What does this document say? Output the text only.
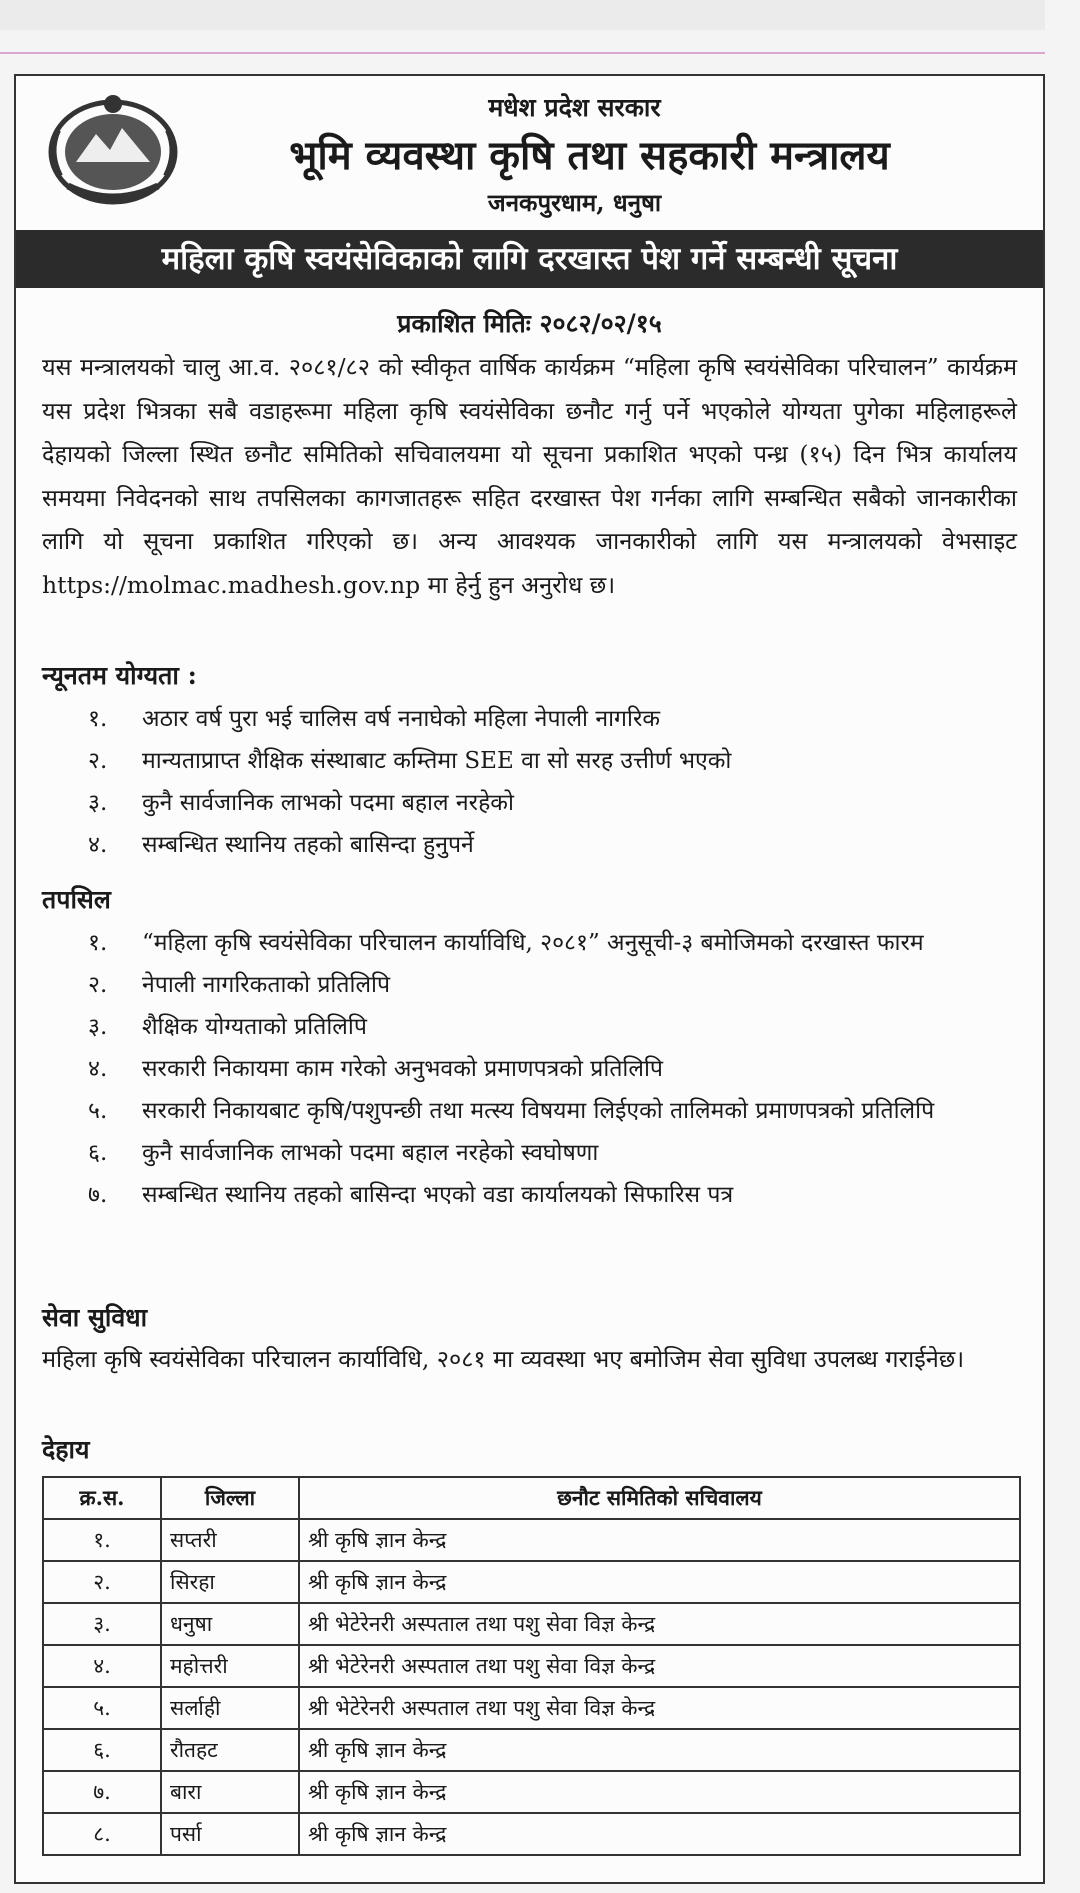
मधेश प्रदेश सरकार
भूमि व्यवस्था कृषि तथा सहकारी मन्त्रालय
जनकपुरधाम, धनुषा
महिला कृषि स्वयंसेविकाको लागि दरखास्त पेश गर्ने सम्बन्धी सूचना
प्रकाशित मितिः २०८२/०२/१५
यस मन्त्रालयको चालु आ.व. २०८१/८२ को स्वीकृत वार्षिक कार्यक्रम “महिला कृषि स्वयंसेविका परिचालन” कार्यक्रम यस प्रदेश भित्रका सबै वडाहरूमा महिला कृषि स्वयंसेविका छनौट गर्नु पर्ने भएकोले योग्यता पुगेका महिलाहरूले देहायको जिल्ला स्थित छनौट समितिको सचिवालयमा यो सूचना प्रकाशित भएको पन्ध्र (१५) दिन भित्र कार्यालय समयमा निवेदनको साथ तपसिलका कागजातहरू सहित दरखास्त पेश गर्नका लागि सम्बन्धित सबैको जानकारीका लागि यो सूचना प्रकाशित गरिएको छ। अन्य आवश्यक जानकारीको लागि यस मन्त्रालयको वेभसाइट https://molmac.madhesh.gov.np मा हेर्नु हुन अनुरोध छ।
न्यूनतम योग्यता :
१.	अठार वर्ष पुरा भई चालिस वर्ष ननाघेको महिला नेपाली नागरिक
२.	मान्यताप्राप्त शैक्षिक संस्थाबाट कम्तिमा SEE वा सो सरह उत्तीर्ण भएको
३.	कुनै सार्वजानिक लाभको पदमा बहाल नरहेको
४.	सम्बन्धित स्थानिय तहको बासिन्दा हुनुपर्ने
तपसिल
१.	“महिला कृषि स्वयंसेविका परिचालन कार्याविधि, २०८१” अनुसूची-३ बमोजिमको दरखास्त फारम
२.	नेपाली नागरिकताको प्रतिलिपि
३.	शैक्षिक योग्यताको प्रतिलिपि
४.	सरकारी निकायमा काम गरेको अनुभवको प्रमाणपत्रको प्रतिलिपि
५.	सरकारी निकायबाट कृषि/पशुपन्छी तथा मत्स्य विषयमा लिईएको तालिमको प्रमाणपत्रको प्रतिलिपि
६.	कुनै सार्वजानिक लाभको पदमा बहाल नरहेको स्वघोषणा
७.	सम्बन्धित स्थानिय तहको बासिन्दा भएको वडा कार्यालयको सिफारिस पत्र
सेवा सुविधा
महिला कृषि स्वयंसेविका परिचालन कार्याविधि, २०८१ मा व्यवस्था भए बमोजिम सेवा सुविधा उपलब्ध गराईनेछ।
देहाय
क्र.स.	जिल्ला	छनौट समितिको सचिवालय
१.	सप्तरी	श्री कृषि ज्ञान केन्द्र
२.	सिरहा	श्री कृषि ज्ञान केन्द्र
३.	धनुषा	श्री भेटेरेनरी अस्पताल तथा पशु सेवा विज्ञ केन्द्र
४.	महोत्तरी	श्री भेटेरेनरी अस्पताल तथा पशु सेवा विज्ञ केन्द्र
५.	सर्लाही	श्री भेटेरेनरी अस्पताल तथा पशु सेवा विज्ञ केन्द्र
६.	रौतहट	श्री कृषि ज्ञान केन्द्र
७.	बारा	श्री कृषि ज्ञान केन्द्र
८.	पर्सा	श्री कृषि ज्ञान केन्द्र
